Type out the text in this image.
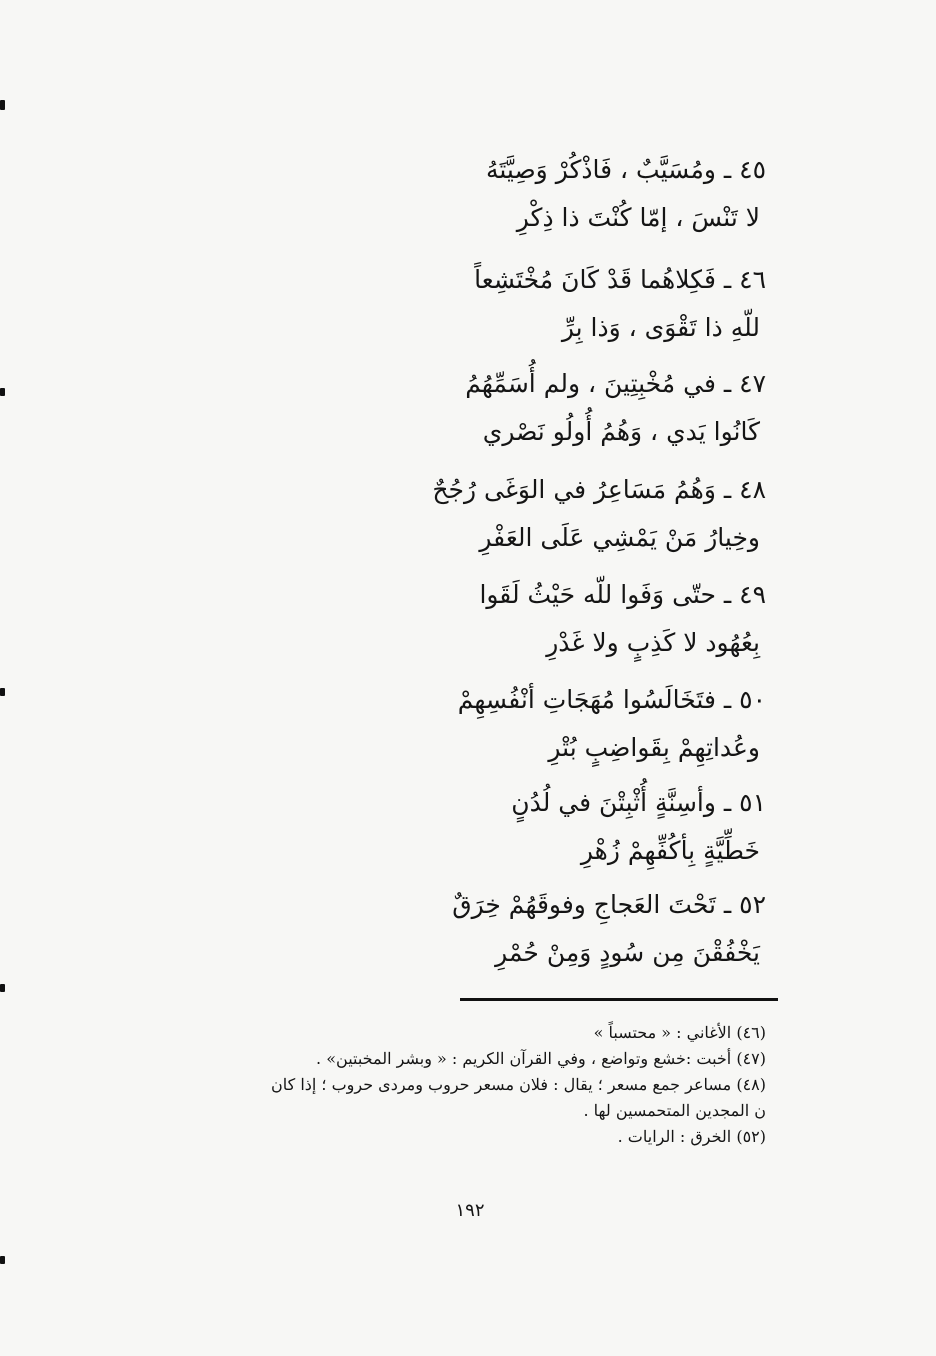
٤٥ ـ ومُسَيَّبٌ ، فَاذْكُرْ وَصِيَّتَهُ
لا تَنْسَ ، إمّا كُنْتَ ذا ذِكْرِ
٤٦ ـ فَكِلاهُما قَدْ كَانَ مُخْتَشِعاً
للّهِ ذا تَقْوَى ، وَذا بِرِّ
٤٧ ـ في مُخْبِتِينَ ، ولم أُسَمِّهُمُ
كَانُوا يَدي ، وَهُمُ أُولُو نَصْري
٤٨ ـ وَهُمُ مَسَاعِرُ في الوَغَى رُجُحٌ
وخِيارُ مَنْ يَمْشِي عَلَى العَفْرِ
٤٩ ـ حتّى وَفَوا للّه حَيْثُ لَقَوا
بِعُهُود لا كَذِبٍ ولا غَدْرِ
٥٠ ـ فتَخَالَسُوا مُهَجَاتِ أنْفُسِهِمْ
وعُداتِهِمْ بِقَواضِبٍ بُتْرِ
٥١ ـ وأسِنَّةٍ أُثْبِتْنَ في لُدُنٍ
خَطِّيَّةٍ بِأكُفِّهِمْ زُهْرِ
٥٢ ـ تَحْتَ العَجاجِ وفوقَهُمْ خِرَقٌ
يَخْفُقْنَ مِن سُودٍ وَمِنْ حُمْرِ
(٤٦) الأغاني : « محتسباً »
(٤٧) أخبت :خشع وتواضع ، وفي القرآن الكريم : « وبشر المخبتين» .
(٤٨) مساعر جمع مسعر ؛ يقال : فلان مسعر حروب ومردى حروب ؛ إذا كان
ن المجدين المتحمسين لها .
(٥٢) الخرق : الرايات .
١٩٢
